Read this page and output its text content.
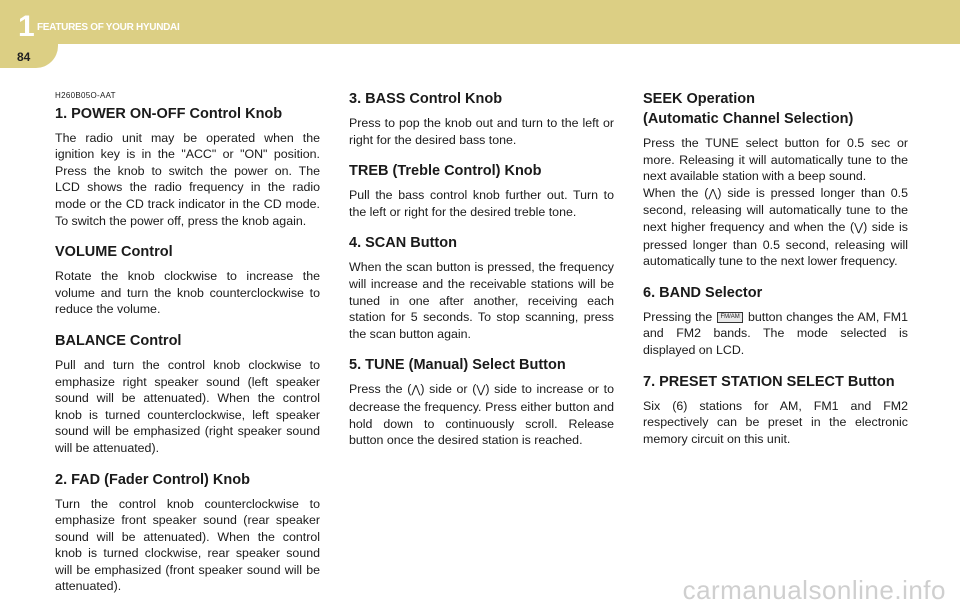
1 FEATURES OF YOUR HYUNDAI
84

H260B05O-AAT

1. POWER ON-OFF Control Knob

The radio unit may be operated when the ignition key is in the "ACC" or "ON" position. Press the knob to switch the power on. The LCD shows the radio frequency in the radio mode or the CD track indicator in the CD mode. To switch the power off, press the knob again.

VOLUME Control

Rotate the knob clockwise to increase the volume and turn the knob counterclockwise to reduce the volume.

BALANCE Control

Pull and turn the control knob clockwise to emphasize right speaker sound (left speaker sound will be attenuated). When the control knob is turned counterclockwise, left speaker sound will be emphasized (right speaker sound will be attenuated).

2. FAD (Fader Control) Knob

Turn the control knob counterclockwise to emphasize front speaker sound (rear speaker sound will be attenuated). When the control knob is turned clockwise, rear speaker sound will be emphasized (front speaker sound will be attenuated).

3. BASS Control Knob

Press to pop the knob out and turn to the left or right for the desired bass tone.

TREB (Treble Control) Knob

Pull the bass control knob further out. Turn to the left or right for the desired treble tone.

4. SCAN Button

When the scan button is pressed, the frequency will increase and the receivable stations will be tuned in one after another, receiving each station for 5 seconds. To stop scanning, press the scan button again.

5. TUNE (Manual) Select Button

Press the (⋀) side or (⋁) side to increase or to decrease the frequency. Press either button and hold down to continuously scroll. Release button once the desired station is reached.

SEEK Operation
(Automatic Channel Selection)

Press the TUNE select button for 0.5 sec or more. Releasing it will automatically tune to the next available station with a beep sound.

When the (⋀) side is pressed longer than 0.5 second, releasing will automatically tune to the next higher frequency and when the (⋁) side is pressed longer than 0.5 second, releasing will automatically tune to the next lower frequency.

6. BAND Selector

Pressing the FM/AM button changes the AM, FM1 and FM2 bands. The mode selected is displayed on LCD.

7. PRESET STATION SELECT Button

Six (6) stations for AM, FM1 and FM2 respectively can be preset in the electronic memory circuit on this unit.

carmanualsonline.info
